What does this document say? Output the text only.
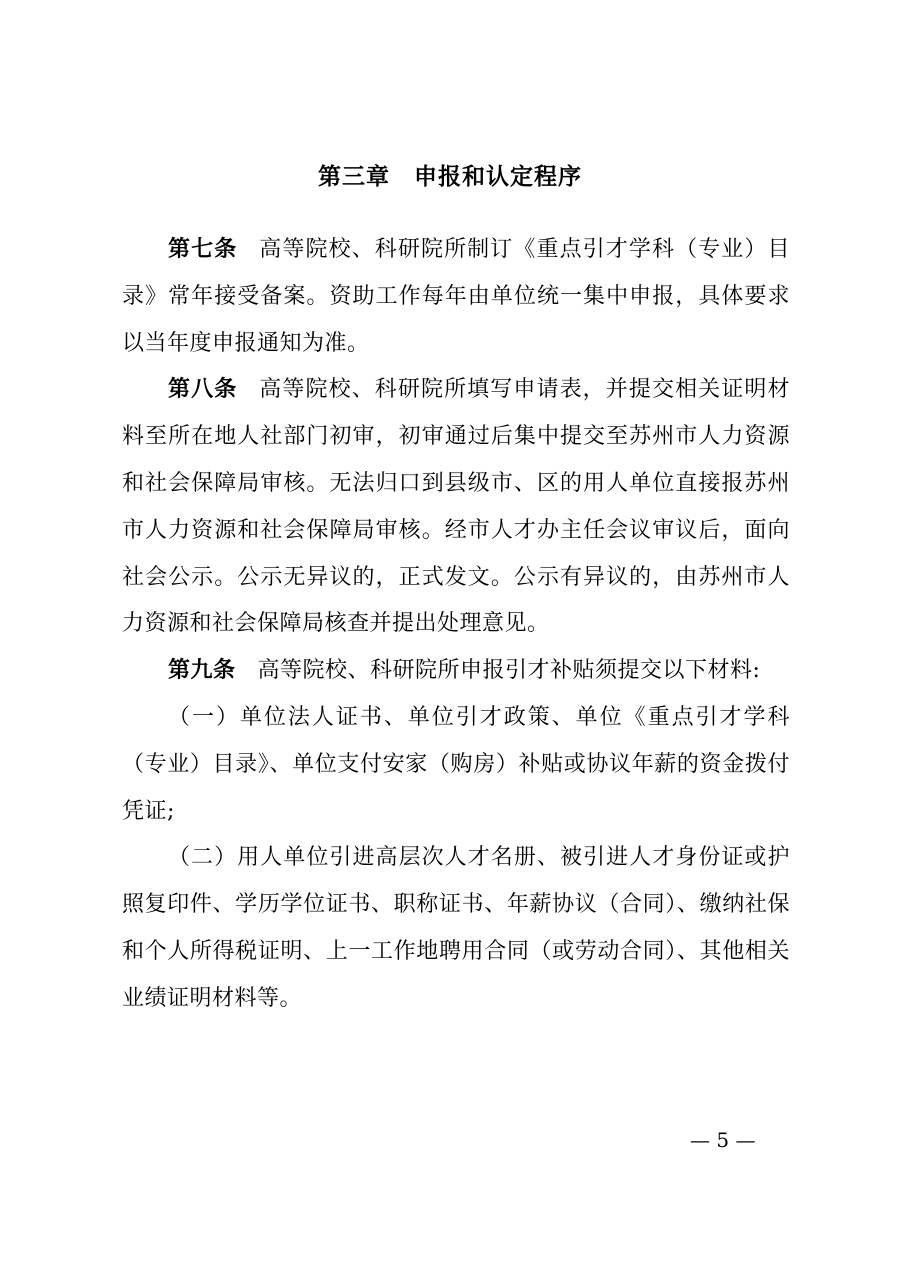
第三章　申报和认定程序

第七条 高等院校、科研院所制订《重点引才学科（专业）目录》常年接受备案。资助工作每年由单位统一集中申报，具体要求以当年度申报通知为准。

第八条 高等院校、科研院所填写申请表，并提交相关证明材料至所在地人社部门初审，初审通过后集中提交至苏州市人力资源和社会保障局审核。无法归口到县级市、区的用人单位直接报苏州市人力资源和社会保障局审核。经市人才办主任会议审议后，面向社会公示。公示无异议的，正式发文。公示有异议的，由苏州市人力资源和社会保障局核查并提出处理意见。

第九条 高等院校、科研院所申报引才补贴须提交以下材料:

（一）单位法人证书、单位引才政策、单位《重点引才学科（专业）目录》、单位支付安家（购房）补贴或协议年薪的资金拨付凭证;

（二）用人单位引进高层次人才名册、被引进人才身份证或护照复印件、学历学位证书、职称证书、年薪协议（合同）、缴纳社保和个人所得税证明、上一工作地聘用合同（或劳动合同）、其他相关业绩证明材料等。

— 5 —
